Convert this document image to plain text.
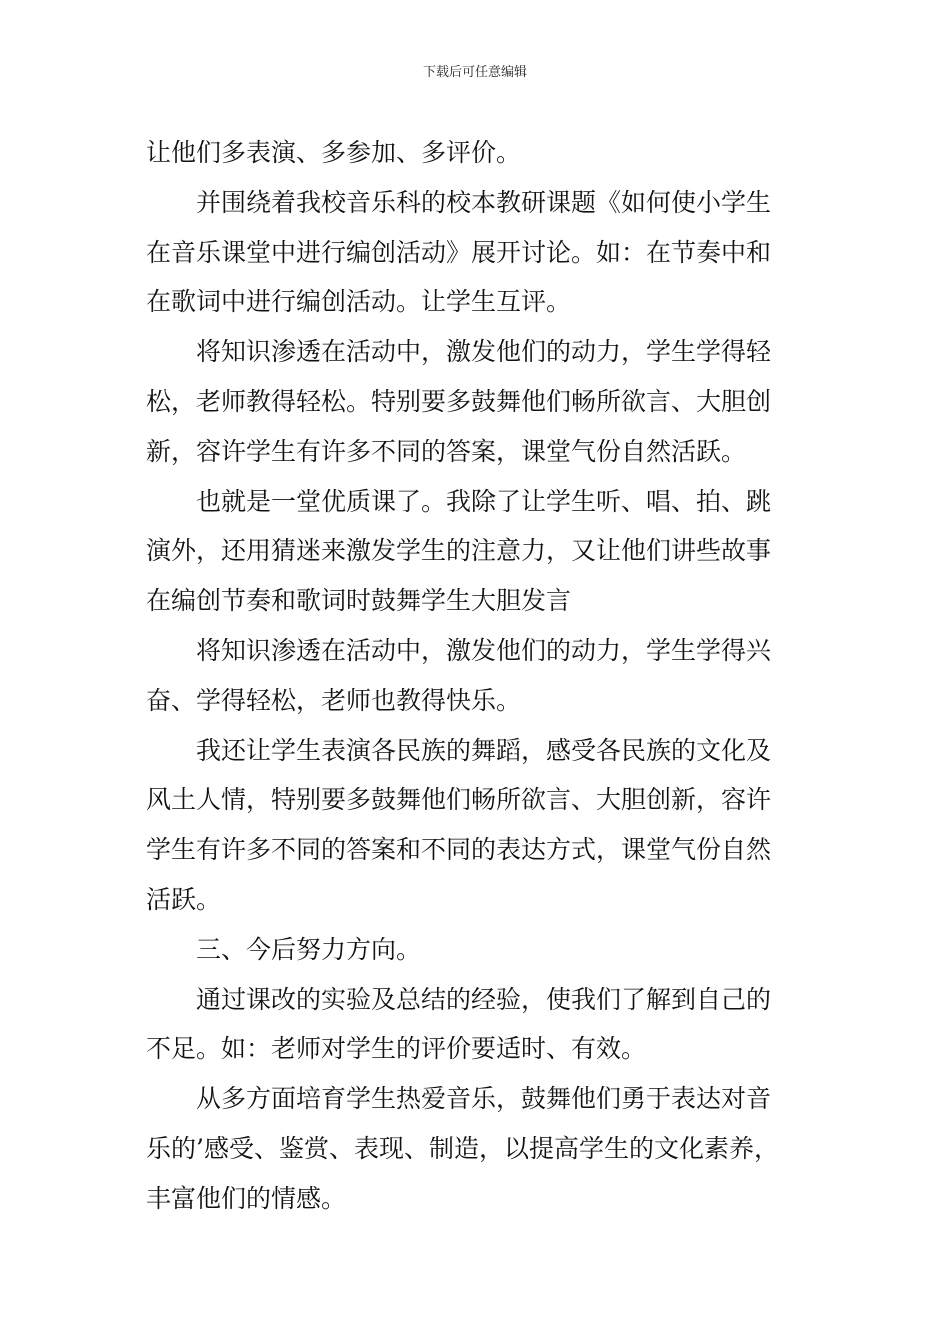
下载后可任意编辑
让他们多表演、多参加、多评价。
并围绕着我校音乐科的校本教研课题《如何使小学生
在音乐课堂中进行编创活动》展开讨论。如：在节奏中和
在歌词中进行编创活动。让学生互评。
将知识渗透在活动中，激发他们的动力，学生学得轻
松，老师教得轻松。特别要多鼓舞他们畅所欲言、大胆创
新，容许学生有许多不同的答案，课堂气份自然活跃。
也就是一堂优质课了。我除了让学生听、唱、拍、跳
演外，还用猜迷来激发学生的注意力，又让他们讲些故事
在编创节奏和歌词时鼓舞学生大胆发言
将知识渗透在活动中，激发他们的动力，学生学得兴
奋、学得轻松，老师也教得快乐。
我还让学生表演各民族的舞蹈，感受各民族的文化及
风土人情，特别要多鼓舞他们畅所欲言、大胆创新，容许
学生有许多不同的答案和不同的表达方式，课堂气份自然
活跃。
三、今后努力方向。
通过课改的实验及总结的经验，使我们了解到自己的
不足。如：老师对学生的评价要适时、有效。
从多方面培育学生热爱音乐，鼓舞他们勇于表达对音
乐的’感受、鉴赏、表现、制造，以提高学生的文化素养，
丰富他们的情感。
